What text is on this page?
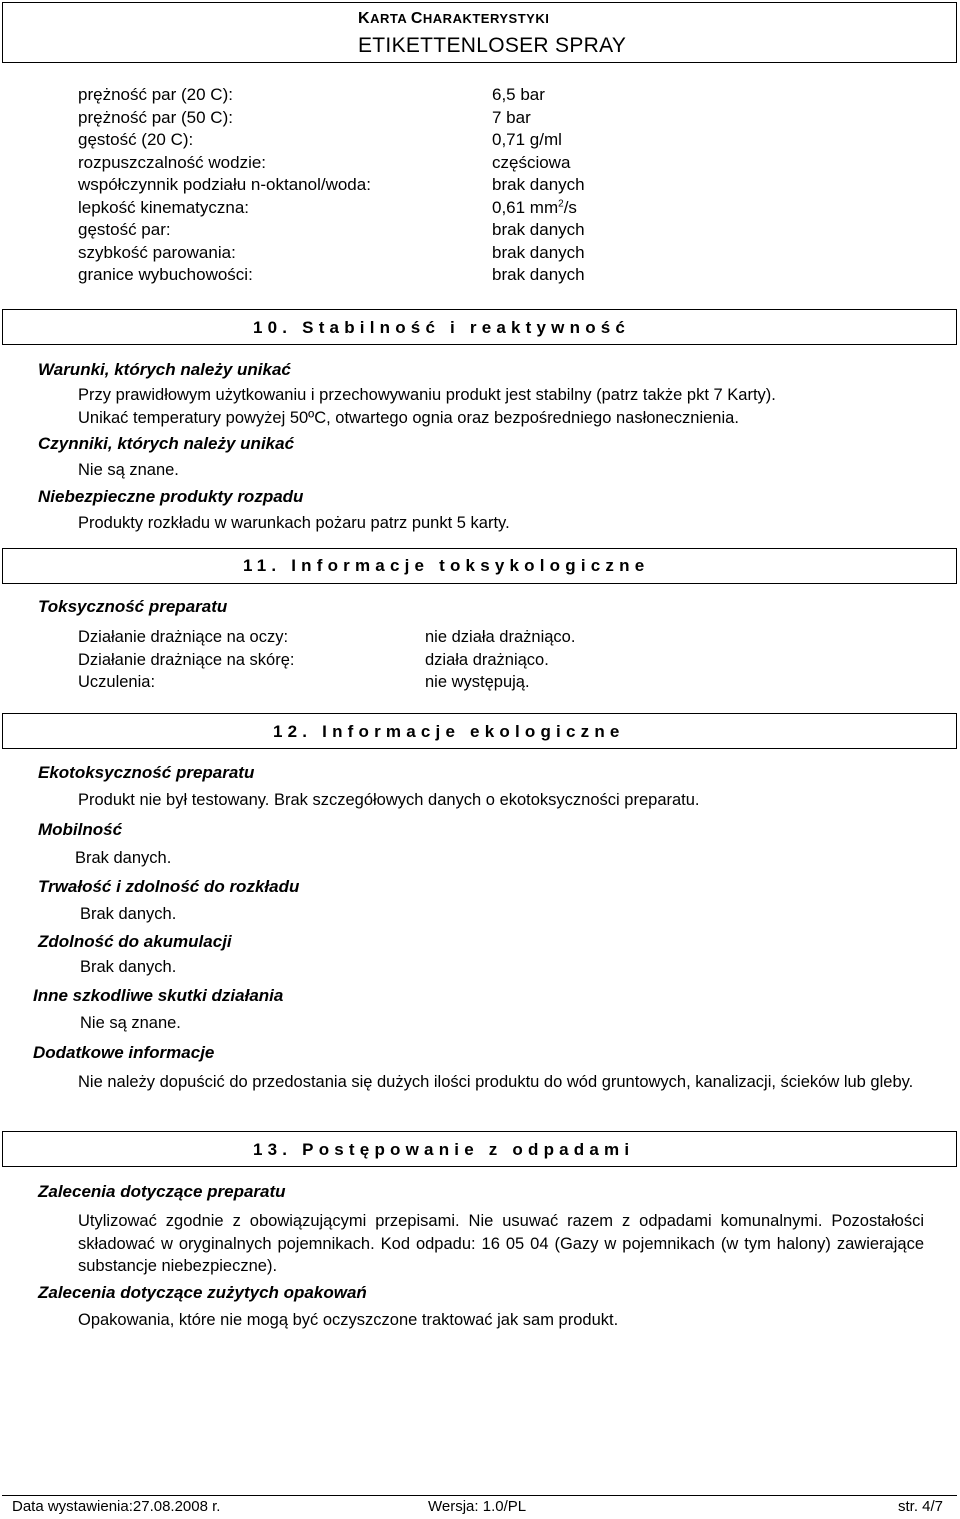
KARTA CHARAKTERYSTYKI
ETIKETTENLOSER SPRAY
prężność par (20 C):
prężność par (50 C):
gęstość (20 C):
rozpuszczalność wodzie:
współczynnik podziału n-oktanol/woda:
lepkość kinematyczna:
gęstość par:
szybkość parowania:
granice wybuchowości:
6,5 bar
7 bar
0,71 g/ml
częściowa
brak danych
0,61 $mm^2/s$
brak danych
brak danych
brak danych
10. Stabilność i reaktywność
Warunki, których należy unikać
Przy prawidłowym użytkowaniu i przechowywaniu produkt jest stabilny (patrz także pkt 7 Karty).
Unikać temperatury powyżej 50ºC, otwartego ognia oraz bezpośredniego nasłonecznienia.
Czynniki, których należy unikać
Nie są znane.
Niebezpieczne produkty rozpadu
Produkty rozkładu w warunkach pożaru patrz punkt 5 karty.
11. Informacje toksykologiczne
Toksyczność preparatu
Działanie drażniące na oczy:
Działanie drażniące na skórę:
Uczulenia:
nie działa drażniąco.
działa drażniąco.
nie występują.
12. Informacje ekologiczne
Ekotoksyczność preparatu
Produkt nie był testowany. Brak szczegółowych danych o ekotoksyczności preparatu.
Mobilność
Brak danych.
Trwałość i zdolność do rozkładu
Brak danych.
Zdolność do akumulacji
Brak danych.
Inne szkodliwe skutki działania
Nie są znane.
Dodatkowe informacje
Nie należy dopuścić do przedostania się dużych ilości produktu do wód gruntowych, kanalizacji, ścieków lub gleby.
13. Postępowanie z odpadami
Zalecenia dotyczące preparatu
Utylizować zgodnie z obowiązującymi przepisami. Nie usuwać razem z odpadami komunalnymi. Pozostałości składować w oryginalnych pojemnikach. Kod odpadu: 16 05 04 (Gazy w pojemnikach (w tym halony) zawierające substancje niebezpieczne).
Zalecenia dotyczące zużytych opakowań
Opakowania, które nie mogą być oczyszczone traktować jak sam produkt.
Data wystawienia:27.08.2008 r.	Wersja: 1.0/PL	str. 4/7
